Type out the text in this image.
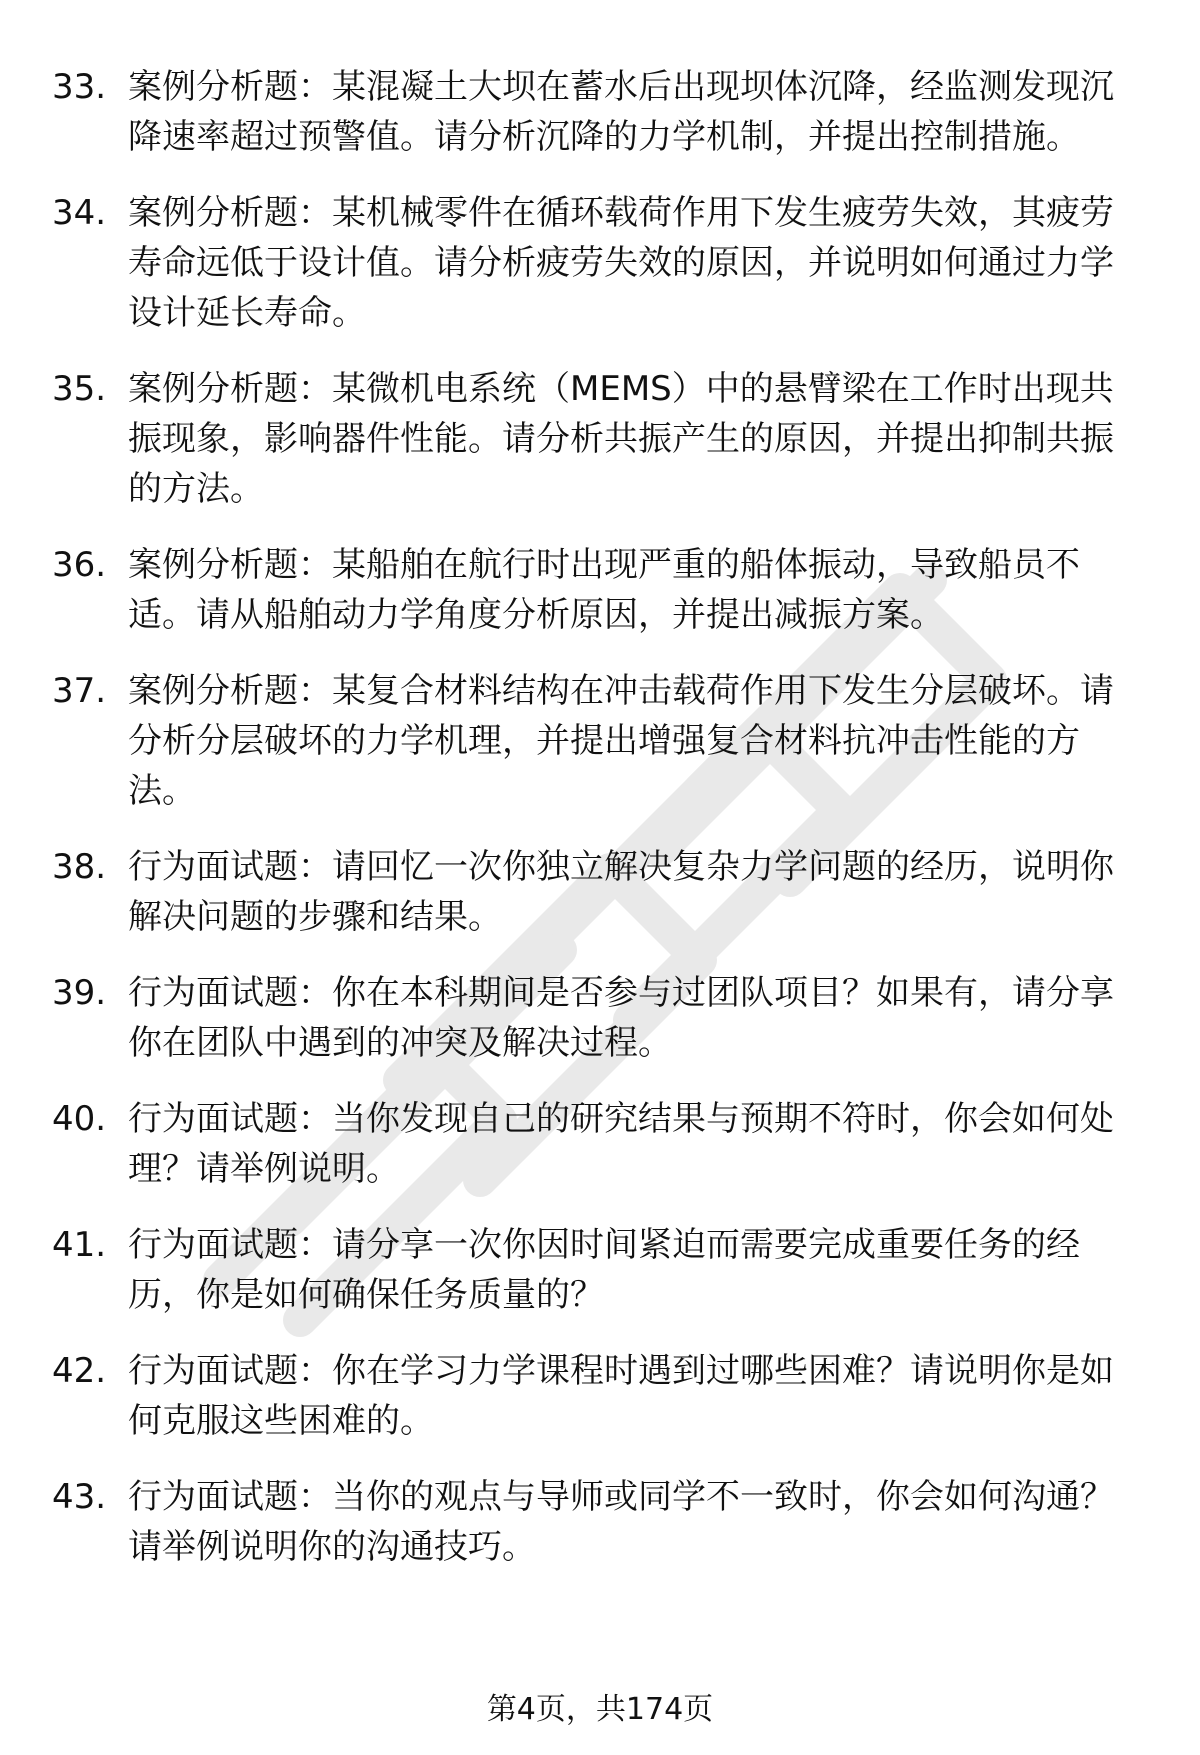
33. 案例分析题：某混凝土大坝在蓄水后出现坝体沉降，经监测发现沉降速率超过预警值。请分析沉降的力学机制，并提出控制措施。
34. 案例分析题：某机械零件在循环载荷作用下发生疲劳失效，其疲劳寿命远低于设计值。请分析疲劳失效的原因，并说明如何通过力学设计延长寿命。
35. 案例分析题：某微机电系统（MEMS）中的悬臂梁在工作时出现共振现象，影响器件性能。请分析共振产生的原因，并提出抑制共振的方法。
36. 案例分析题：某船舶在航行时出现严重的船体振动，导致船员不适。请从船舶动力学角度分析原因，并提出减振方案。
37. 案例分析题：某复合材料结构在冲击载荷作用下发生分层破坏。请分析分层破坏的力学机理，并提出增强复合材料抗冲击性能的方法。
38. 行为面试题：请回忆一次你独立解决复杂力学问题的经历，说明你解决问题的步骤和结果。
39. 行为面试题：你在本科期间是否参与过团队项目？如果有，请分享你在团队中遇到的冲突及解决过程。
40. 行为面试题：当你发现自己的研究结果与预期不符时，你会如何处理？请举例说明。
41. 行为面试题：请分享一次你因时间紧迫而需要完成重要任务的经历，你是如何确保任务质量的？
42. 行为面试题：你在学习力学课程时遇到过哪些困难？请说明你是如何克服这些困难的。
43. 行为面试题：当你的观点与导师或同学不一致时，你会如何沟通？请举例说明你的沟通技巧。
第4页，共174页
